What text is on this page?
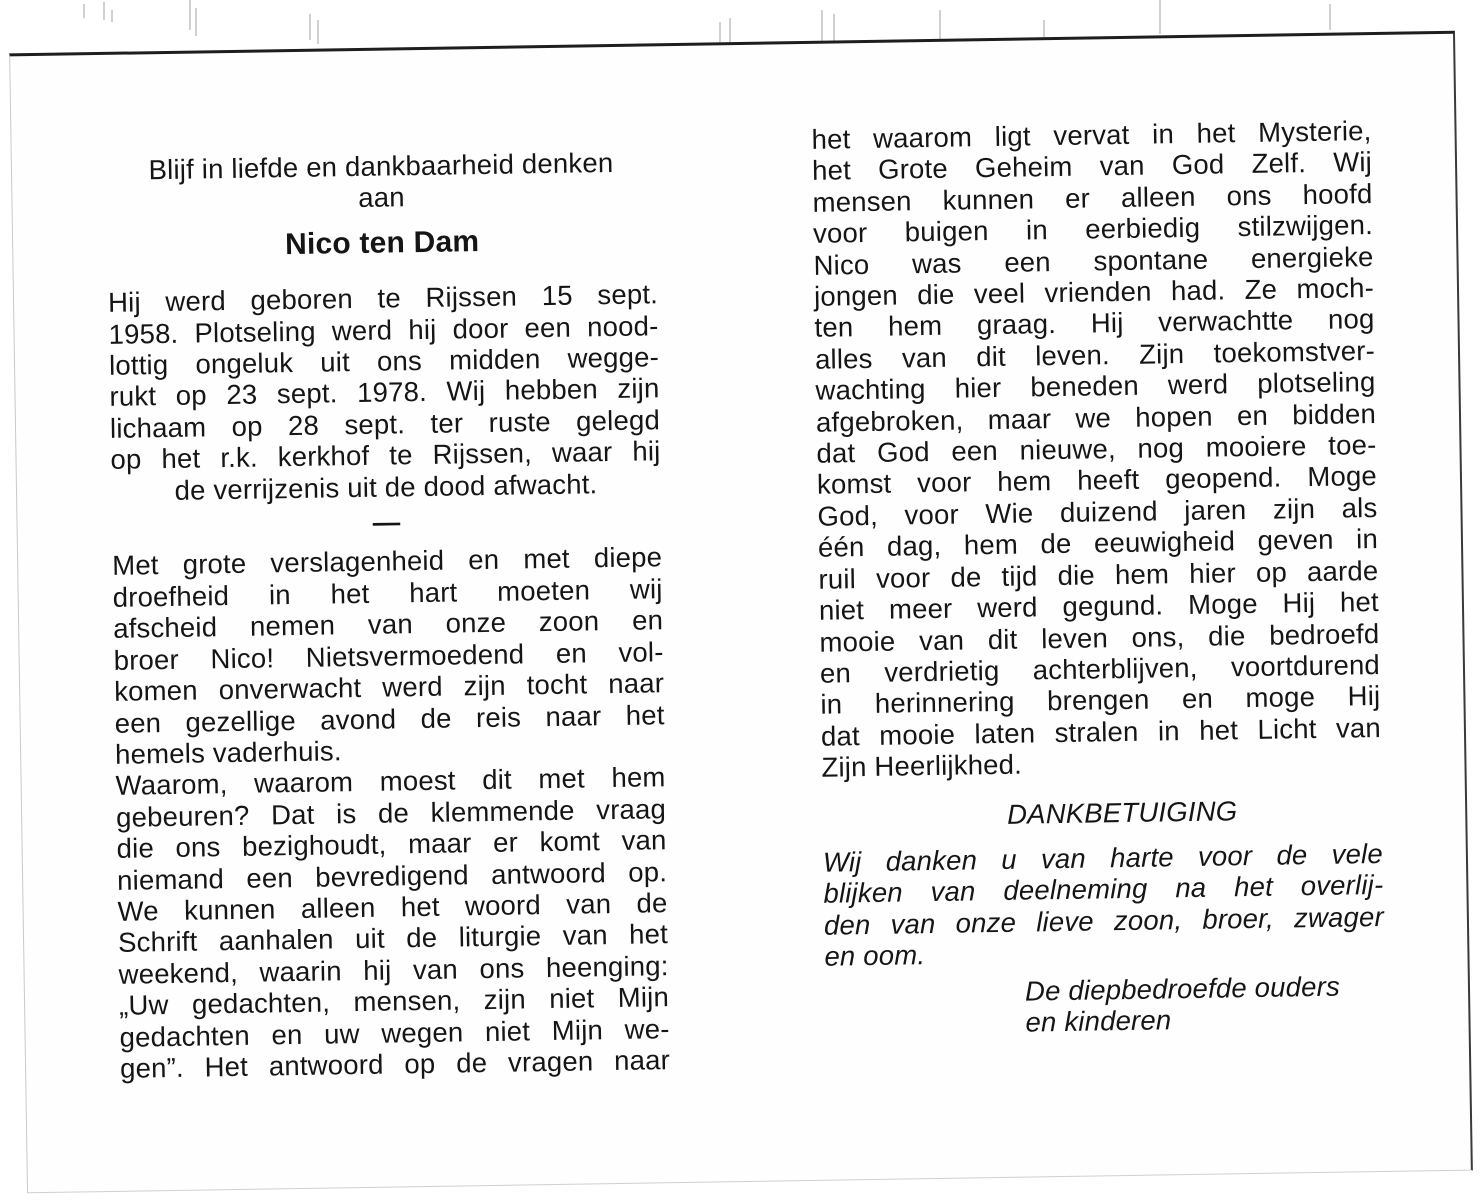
Blijf in liefde en dankbaarheid denken

aan

Nico ten Dam
Hij werd geboren te Rijssen 15 sept.
1958. Plotseling werd hij door een nood-
lottig ongeluk uit ons midden wegge-
rukt op 23 sept. 1978. Wij hebben zijn
lichaam op 28 sept. ter ruste gelegd
op het r.k. kerkhof te Rijssen, waar hij
de verrijzenis uit de dood afwacht.
—
Met grote verslagenheid en met diepe
droefheid in het hart moeten wij
afscheid nemen van onze zoon en
broer Nico! Nietsvermoedend en vol-
komen onverwacht werd zijn tocht naar
een gezellige avond de reis naar het
hemels vaderhuis.
Waarom, waarom moest dit met hem
gebeuren? Dat is de klemmende vraag
die ons bezighoudt, maar er komt van
niemand een bevredigend antwoord op.
We kunnen alleen het woord van de
Schrift aanhalen uit de liturgie van het
weekend, waarin hij van ons heenging:
„Uw gedachten, mensen, zijn niet Mijn
gedachten en uw wegen niet Mijn we-
gen”. Het antwoord op de vragen naar
het waarom ligt vervat in het Mysterie,
het Grote Geheim van God Zelf. Wij
mensen kunnen er alleen ons hoofd
voor buigen in eerbiedig stilzwijgen.
Nico was een spontane energieke
jongen die veel vrienden had. Ze moch-
ten hem graag. Hij verwachtte nog
alles van dit leven. Zijn toekomstver-
wachting hier beneden werd plotseling
afgebroken, maar we hopen en bidden
dat God een nieuwe, nog mooiere toe-
komst voor hem heeft geopend. Moge
God, voor Wie duizend jaren zijn als
één dag, hem de eeuwigheid geven in
ruil voor de tijd die hem hier op aarde
niet meer werd gegund. Moge Hij het
mooie van dit leven ons, die bedroefd
en verdrietig achterblijven, voortdurend
in herinnering brengen en moge Hij
dat mooie laten stralen in het Licht van
Zijn Heerlijkhed.
DANKBETUIGING
Wij danken u van harte voor de vele
blijken van deelneming na het overlij-
den van onze lieve zoon, broer, zwager
en oom.
De diepbedroefde ouders
en kinderen
